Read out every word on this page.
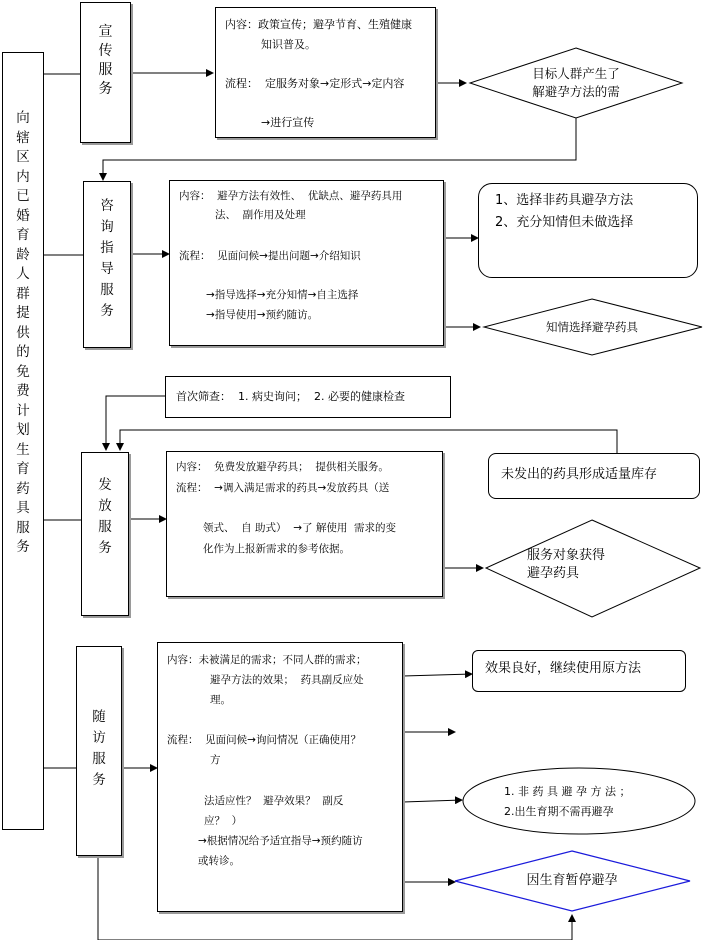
向
辖
区
内
已
婚
育
龄
人
群
提
供
的
免
费
计
划
生
育
药
具
服
务
宣
传
服
务
内容：政策宣传；避孕节育、生殖健康
知识普及。
流程：  定服务对象→定形式→定内容
→进行宣传
目标人群产生了
解避孕方法的需
咨
询
指
导
服
务
内容：  避孕方法有效性、  优缺点、避孕药具用
法、  副作用及处理
流程：  见面问候→提出问题→介绍知识
→指导选择→充分知情→自主选择
→指导使用→预约随访。
1、选择非药具避孕方法
2、充分知情但未做选择
知情选择避孕药具
首次筛查：  1. 病史询问；  2. 必要的健康检查
发
放
服
务
内容：  免费发放避孕药具；  提供相关服务。
流程：  →调入满足需求的药具→发放药具（送
领式、  自 助式）  →了 解使用  需求的变
化作为上报新需求的参考依据。
未发出的药具形成适量库存
服务对象获得
避孕药具
随
访
服
务
内容：未被满足的需求；不同人群的需求；
避孕方法的效果；  药具副反应处
理。
流程：  见面问候→询问情况（正确使用？
方
法适应性？  避孕效果？  副反
应？  ）
→根据情况给予适宜指导→预约随访
或转诊。
效果良好，继续使用原方法
1. 非 药 具 避 孕 方 法 ；
2.出生育期不需再避孕
因生育暂停避孕
